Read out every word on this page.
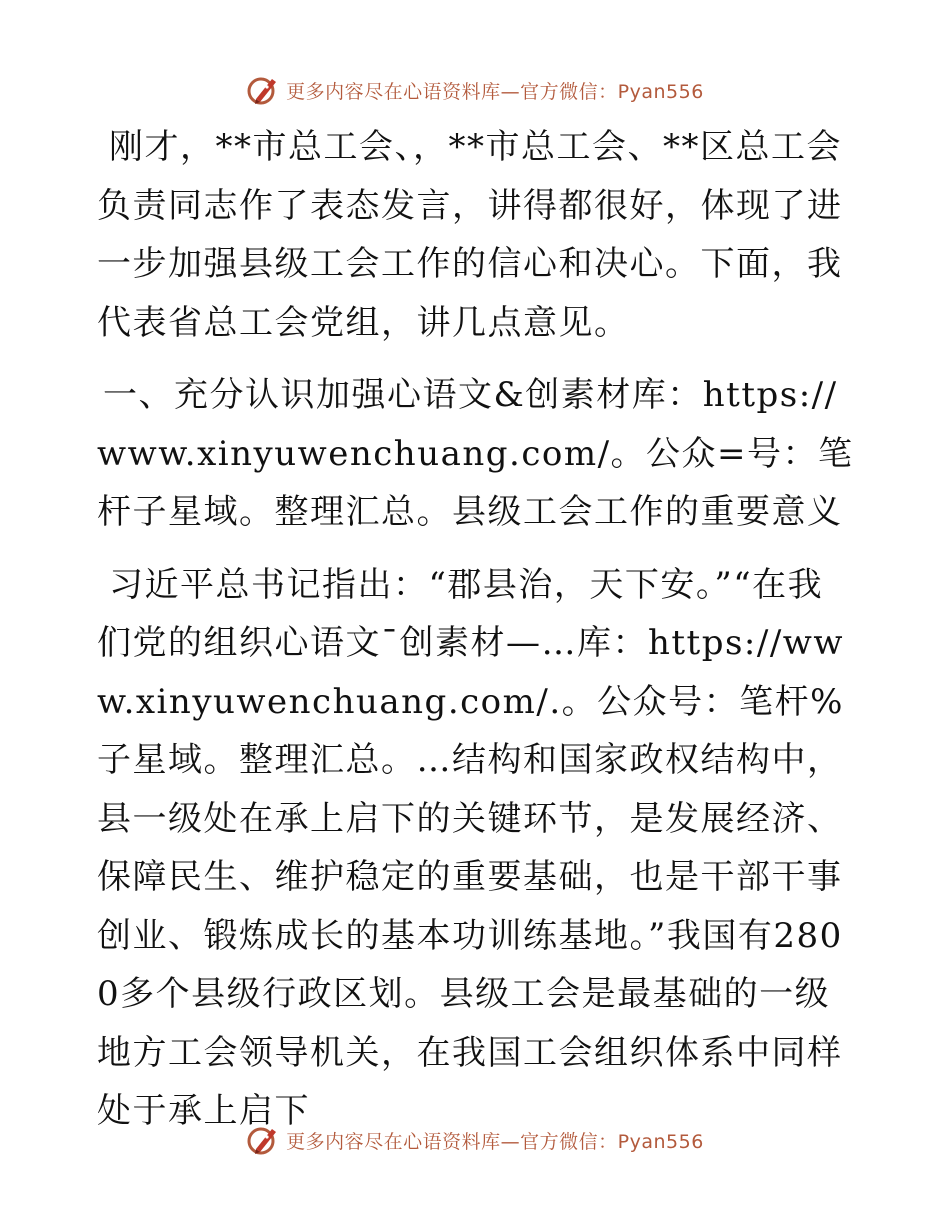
更多内容尽在心语资料库—官方微信：Pyan556

刚才，**市总工会、，**市总工会、**区总工会负责同志作了表态发言，讲得都很好，体现了进一步加强县级工会工作的信心和决心。下面，我代表省总工会党组，讲几点意见。

一、充分认识加强心语文&创素材库：https://www.xinyuwenchuang.com/。公众=号：笔杆子星域。整理汇总。县级工会工作的重要意义

习近平总书记指出：“郡县治，天下安。”“在我们党的组织心语文¯创素材—…库：https://www.xinyuwenchuang.com/.。公众号：笔杆%子星域。整理汇总。…结构和国家政权结构中，县一级处在承上启下的关键环节，是发展经济、保障民生、维护稳定的重要基础，也是干部干事创业、锻炼成长的基本功训练基地。”我国有2800多个县级行政区划。县级工会是最基础的一级地方工会领导机关，在我国工会组织体系中同样处于承上启下

更多内容尽在心语资料库—官方微信：Pyan556
